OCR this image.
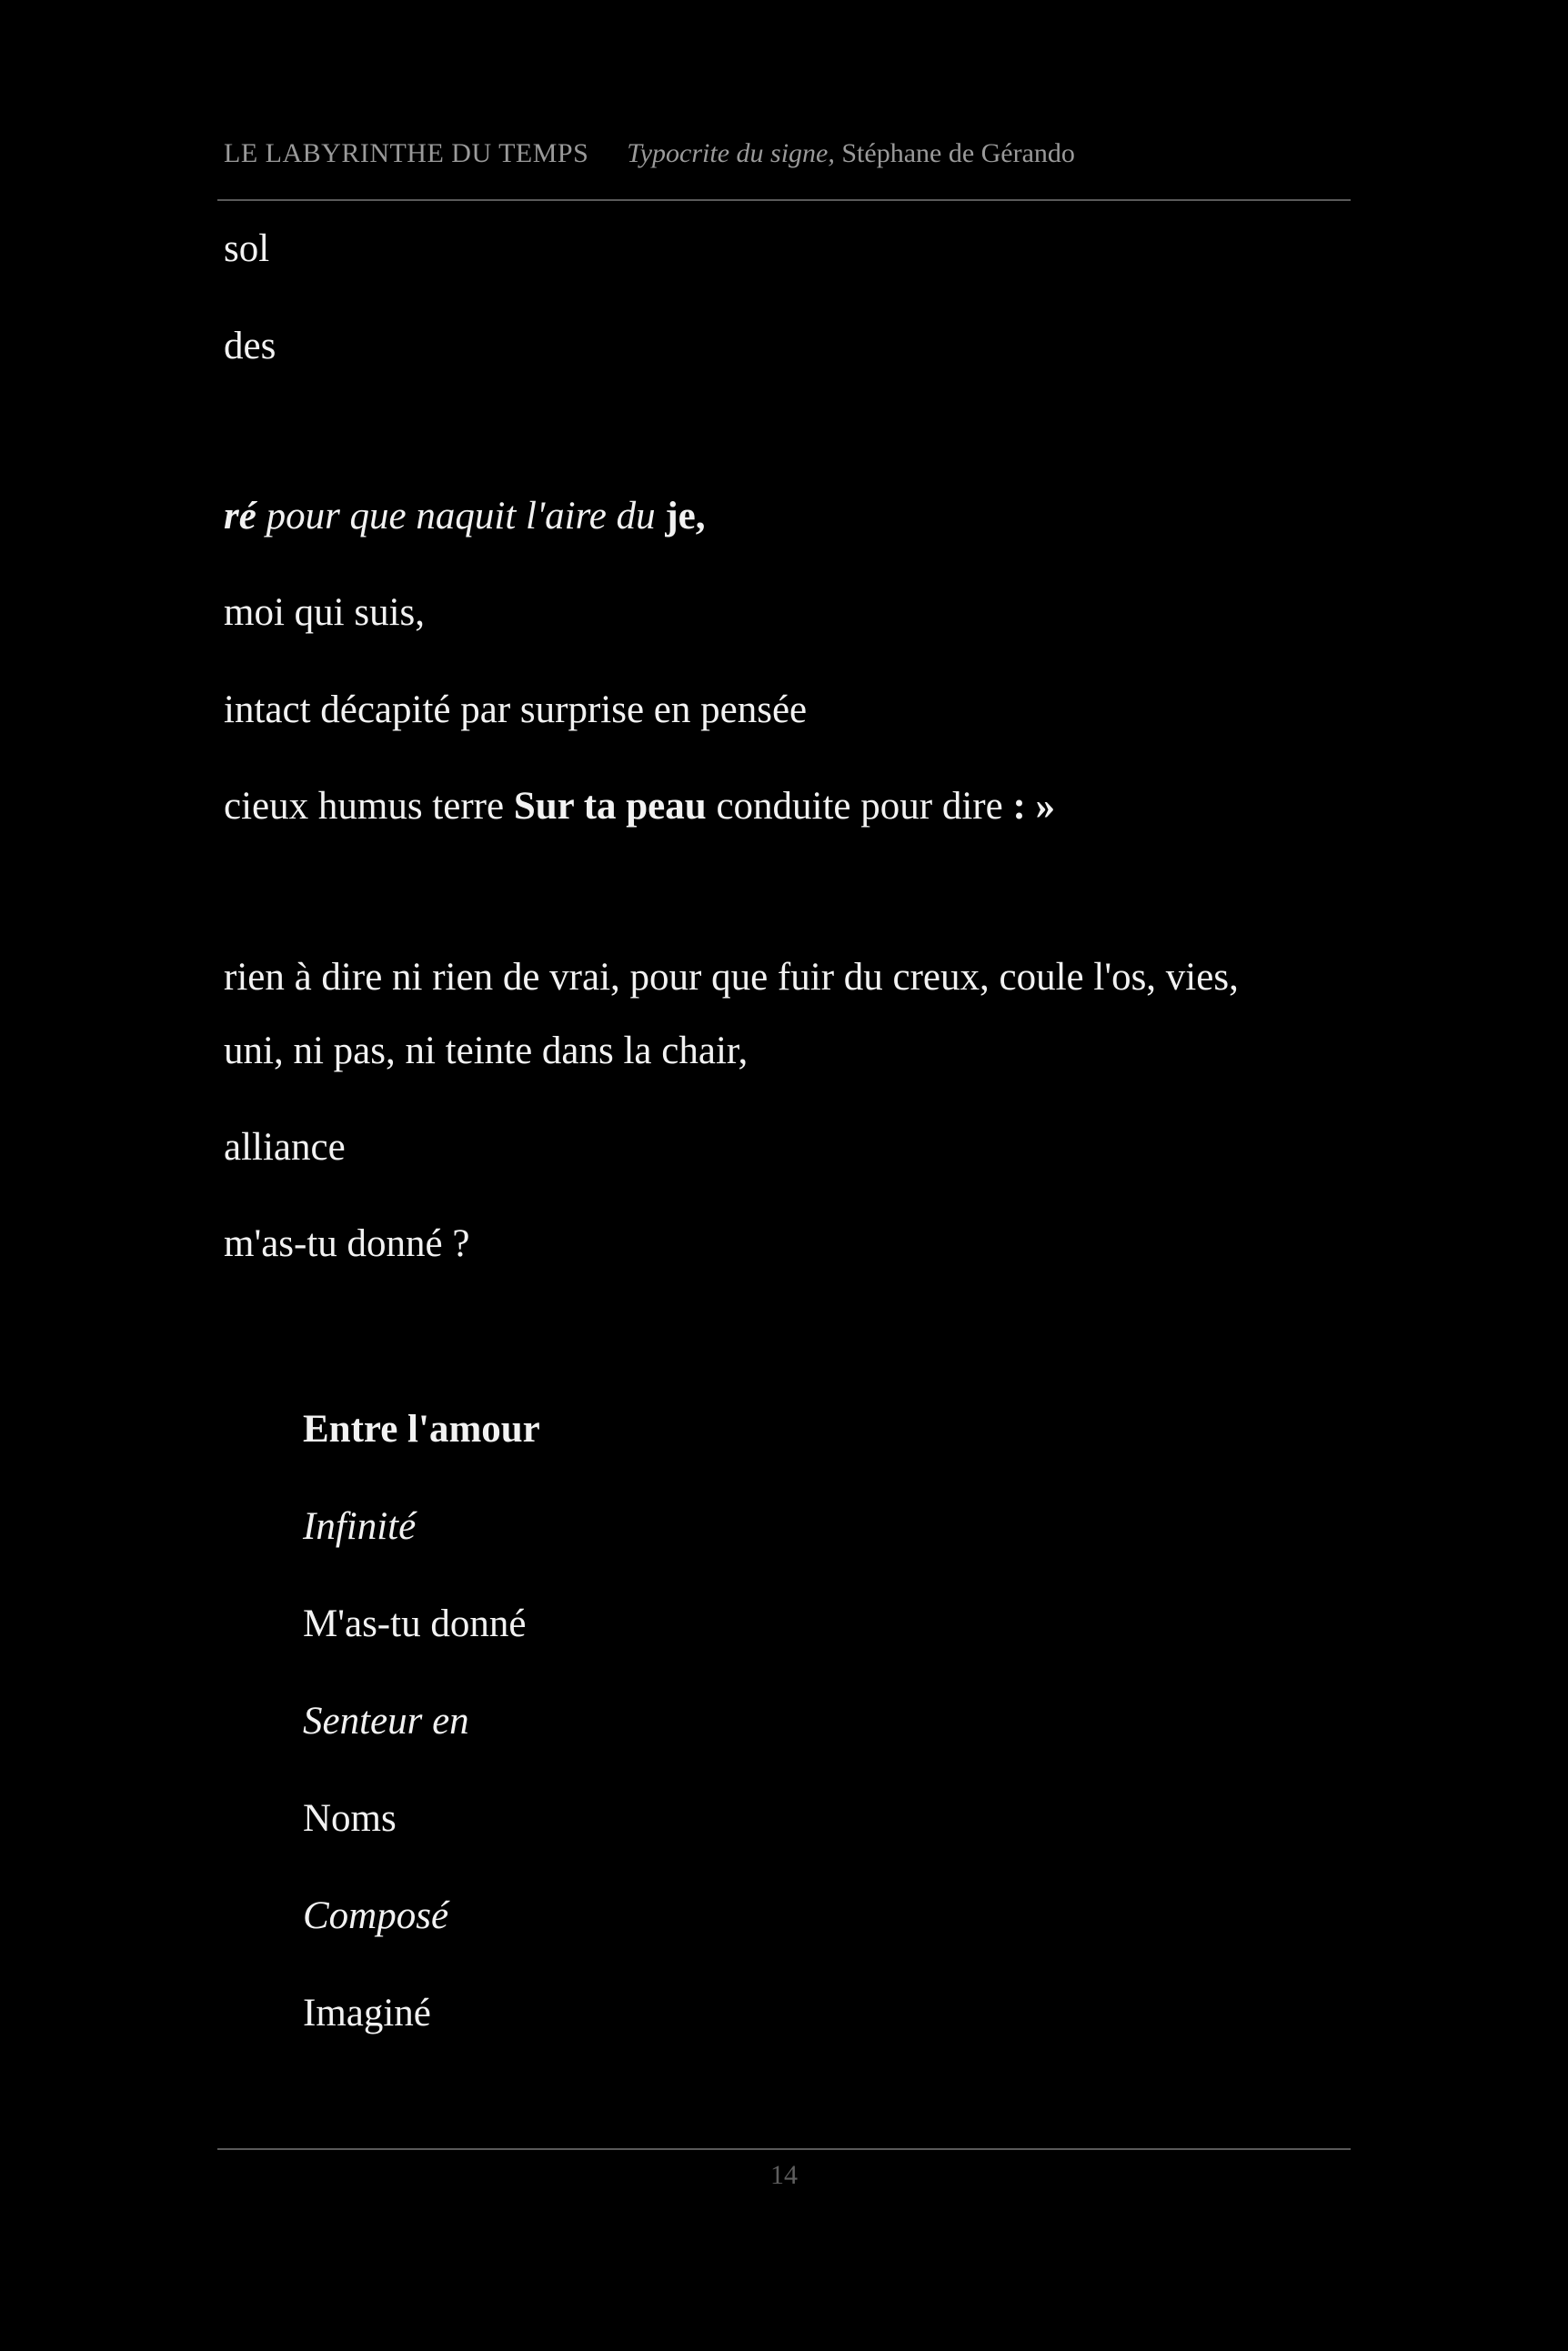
LE LABYRINTHE DU TEMPS Typocrite du signe, Stéphane de Gérando
sol
des
ré pour que naquit l'aire du je,
moi qui suis,
intact décapité par surprise en pensée
cieux humus terre Sur ta peau conduite pour dire : »
rien à dire ni rien de vrai, pour que fuir du creux, coule l'os, vies,
uni, ni pas, ni teinte dans la chair,
alliance
m'as-tu donné ?
Entre l'amour
Infinité
M'as-tu donné
Senteur en
Noms
Composé
Imaginé
14
